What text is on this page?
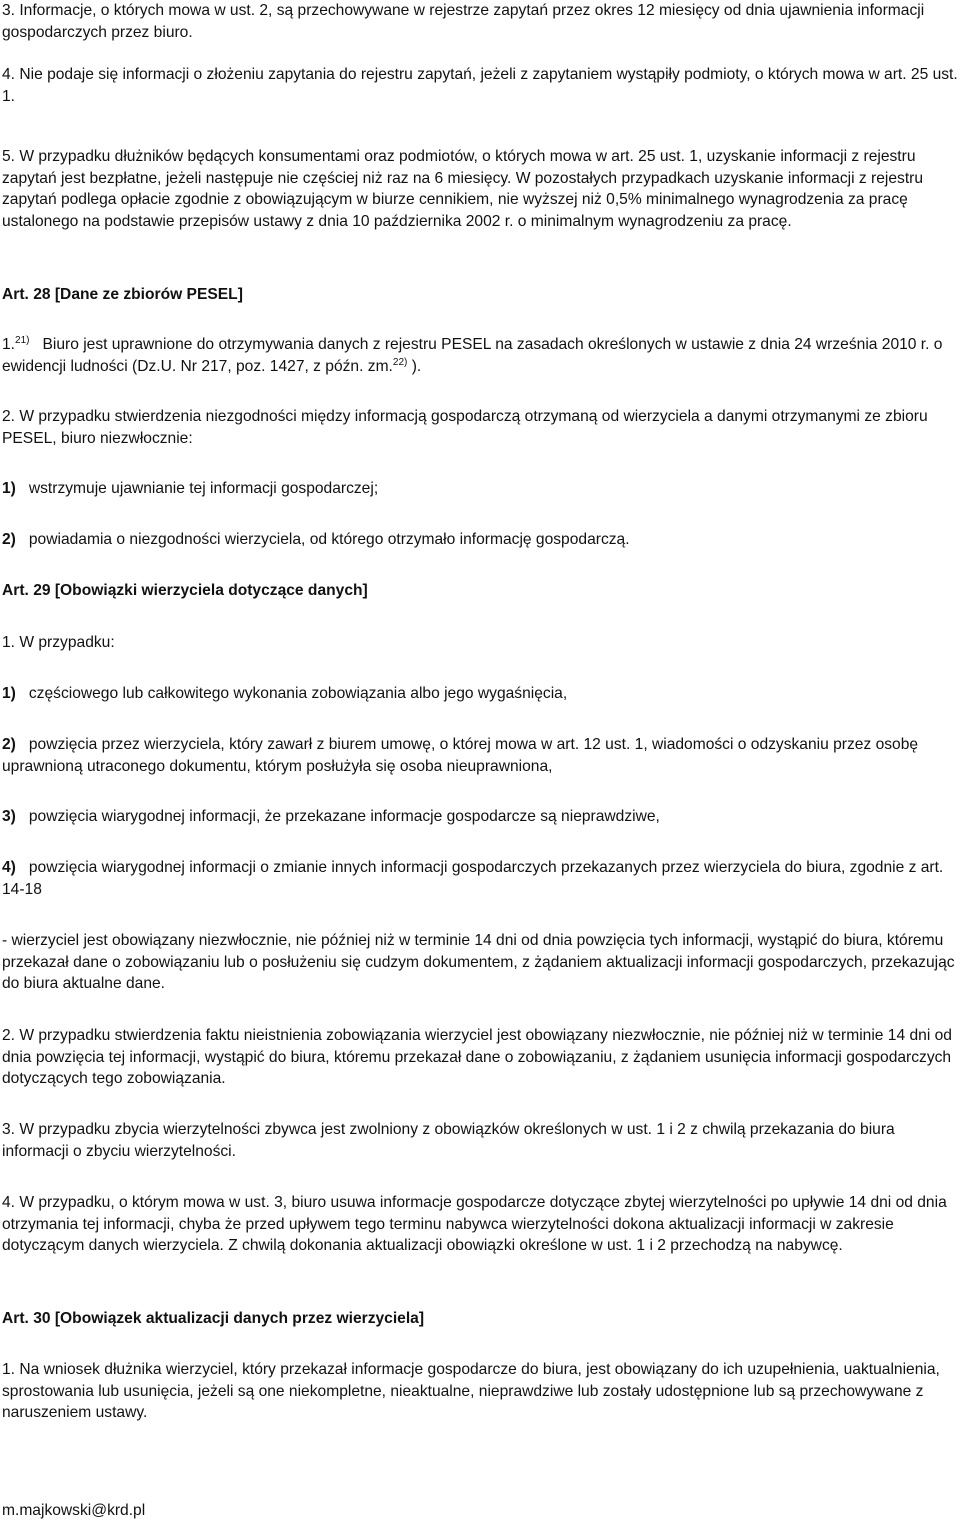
3. Informacje, o których mowa w ust. 2, są przechowywane w rejestrze zapytań przez okres 12 miesięcy od dnia ujawnienia informacji gospodarczych przez biuro.

4. Nie podaje się informacji o złożeniu zapytania do rejestru zapytań, jeżeli z zapytaniem wystąpiły podmioty, o których mowa w art. 25 ust. 1.

5. W przypadku dłużników będących konsumentami oraz podmiotów, o których mowa w art. 25 ust. 1, uzyskanie informacji z rejestru zapytań jest bezpłatne, jeżeli następuje nie częściej niż raz na 6 miesięcy. W pozostałych przypadkach uzyskanie informacji z rejestru zapytań podlega opłacie zgodnie z obowiązującym w biurze cennikiem, nie wyższej niż 0,5% minimalnego wynagrodzenia za pracę ustalonego na podstawie przepisów ustawy z dnia 10 października 2002 r. o minimalnym wynagrodzeniu za pracę.

Art. 28 [Dane ze zbiorów PESEL]

1.$^{21)}$ Biuro jest uprawnione do otrzymywania danych z rejestru PESEL na zasadach określonych w ustawie z dnia 24 września 2010 r. o ewidencji ludności (Dz.U. Nr 217, poz. 1427, z późn. zm.$^{22)}$ ).

2. W przypadku stwierdzenia niezgodności między informacją gospodarczą otrzymaną od wierzyciela a danymi otrzymanymi ze zbioru PESEL, biuro niezwłocznie:

1) wstrzymuje ujawnianie tej informacji gospodarczej;

2) powiadamia o niezgodności wierzyciela, od którego otrzymało informację gospodarczą.

Art. 29 [Obowiązki wierzyciela dotyczące danych]

1. W przypadku:

1) częściowego lub całkowitego wykonania zobowiązania albo jego wygaśnięcia,

2) powzięcia przez wierzyciela, który zawarł z biurem umowę, o której mowa w art. 12 ust. 1, wiadomości o odzyskaniu przez osobę uprawnioną utraconego dokumentu, którym posłużyła się osoba nieuprawniona,

3) powzięcia wiarygodnej informacji, że przekazane informacje gospodarcze są nieprawdziwe,

4) powzięcia wiarygodnej informacji o zmianie innych informacji gospodarczych przekazanych przez wierzyciela do biura, zgodnie z art. 14-18

- wierzyciel jest obowiązany niezwłocznie, nie później niż w terminie 14 dni od dnia powzięcia tych informacji, wystąpić do biura, któremu przekazał dane o zobowiązaniu lub o posłużeniu się cudzym dokumentem, z żądaniem aktualizacji informacji gospodarczych, przekazując do biura aktualne dane.

2. W przypadku stwierdzenia faktu nieistnienia zobowiązania wierzyciel jest obowiązany niezwłocznie, nie później niż w terminie 14 dni od dnia powzięcia tej informacji, wystąpić do biura, któremu przekazał dane o zobowiązaniu, z żądaniem usunięcia informacji gospodarczych dotyczących tego zobowiązania.

3. W przypadku zbycia wierzytelności zbywca jest zwolniony z obowiązków określonych w ust. 1 i 2 z chwilą przekazania do biura informacji o zbyciu wierzytelności.

4. W przypadku, o którym mowa w ust. 3, biuro usuwa informacje gospodarcze dotyczące zbytej wierzytelności po upływie 14 dni od dnia otrzymania tej informacji, chyba że przed upływem tego terminu nabywca wierzytelności dokona aktualizacji informacji w zakresie dotyczącym danych wierzyciela. Z chwilą dokonania aktualizacji obowiązki określone w ust. 1 i 2 przechodzą na nabywcę.

Art. 30 [Obowiązek aktualizacji danych przez wierzyciela]

1. Na wniosek dłużnika wierzyciel, który przekazał informacje gospodarcze do biura, jest obowiązany do ich uzupełnienia, uaktualnienia, sprostowania lub usunięcia, jeżeli są one niekompletne, nieaktualne, nieprawdziwe lub zostały udostępnione lub są przechowywane z naruszeniem ustawy.

m.majkowski@krd.pl
